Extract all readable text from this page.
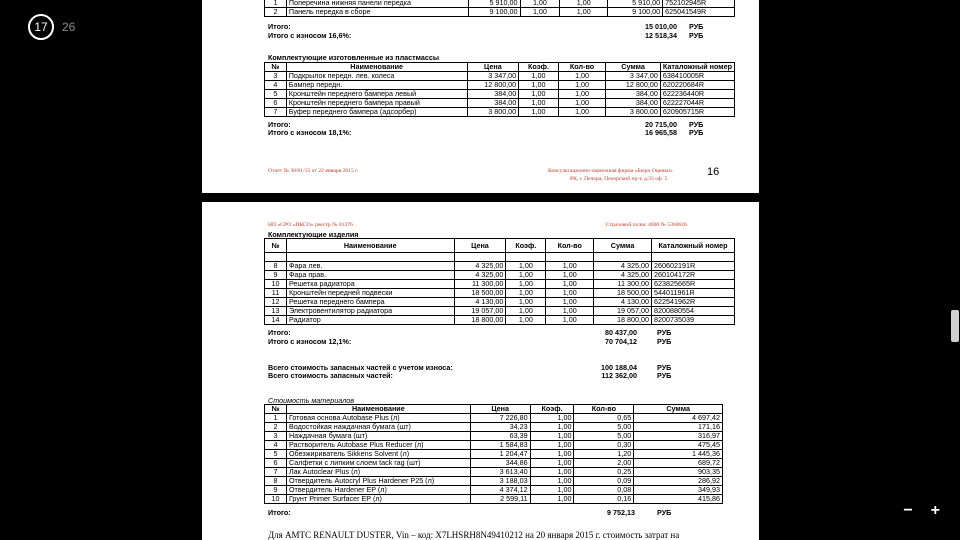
17	26
1	Поперечина нижняя панели передка	5 910,00	1,00	1,00	5 910,00	752102945R
2	Панель передка в сборе	9 100,00	1,00	1,00	9 100,00	625041549R
Итого:	15 010,00 РУБ
Итого с износом 16,6%:	12 518,34 РУБ
Комплектующие изготовленные из пластмассы
№	Наименование	Цена	Коэф.	Кол-во	Сумма	Каталожный номер
3	Подкрылок передн. лев. колеса	3 347,00	1,00	1,00	3 347,00	638410005R
4	Бампер передн.	12 800,00	1,00	1,00	12 800,00	620220684R
5	Кронштейн переднего бампера левый	384,00	1,00	1,00	384,00	622236440R
6	Кронштейн переднего бампера правый	384,00	1,00	1,00	384,00	622227044R
7	Буфер переднего бампера (адсорбер)	3 800,00	1,00	1,00	3 800,00	620905715R
Итого:	20 715,00 РУБ
Итого с износом 18,1%:	16 965,58 РУБ
Отчет № 30/01/15 от 22 января 2015 г.	Консультационно-оценочная фирма «Бюро Оценки»
РК, г. Печора, Печорский пр-т, д.33 оф. 5
16
НП «СРО «ПКСО» реестр № 01276	Страховой полис 4000 № 5360626
Комплектующие изделия
№	Наименование	Цена	Коэф.	Кол-во	Сумма	Каталожный номер

8	Фара лев.	4 325,00	1,00	1,00	4 325,00	260602191R
9	Фара прав.	4 325,00	1,00	1,00	4 325,00	260104172R
10	Решетка радиатора	11 300,00	1,00	1,00	11 300,00	623825665R
11	Кронштейн передней подвески	18 500,00	1,00	1,00	18 500,00	544011961R
12	Решетка переднего бампера	4 130,00	1,00	1,00	4 130,00	622541962R
13	Электровентилятор радиатора	19 057,00	1,00	1,00	19 057,00	8200880554
14	Радиатор	18 800,00	1,00	1,00	18 800,00	8200735039
Итого:	80 437,00	РУБ
Итого с износом 12,1%:	70 704,12	РУБ
Всего стоимость запасных частей с учетом износа:	100 188,04	РУБ
Всего стоимость запасных частей:	112 362,00	РУБ
Стоимость материалов
№	Наименование	Цена	Коэф.	Кол-во	Сумма
1	Готовая основа Autobase Plus (л)	7 226,80	1,00	0,65	4 697,42
2	Водостойкая наждачная бумага (шт)	34,23	1,00	5,00	171,16
3	Наждачная бумага (шт)	63,39	1,00	5,00	316,97
4	Растворитель Autobase Plus Reducer (л)	1 584,83	1,00	0,30	475,45
5	Обезжириватель Sikkens Solvent (л)	1 204,47	1,00	1,20	1 445,36
6	Салфетки с липким слоем tack rag (шт)	344,86	1,00	2,00	689,72
7	Лак Autoclear Plus (л)	3 613,40	1,00	0,25	903,35
8	Отвердитель Autocryl Plus Hardener P25 (л)	3 188,03	1,00	0,09	286,92
9	Отвердитель Hardener EP (л)	4 374,12	1,00	0,08	349,93
10	Грунт Primer Surfacer EP (л)	2 599,11	1,00	0,16	415,86
Итого:	9 752,13	РУБ
Для АМТС RENAULT DUSTER, Vin – код: X7LHSRH8N49410212 на 20 января 2015 г. стоимость затрат на
− +
